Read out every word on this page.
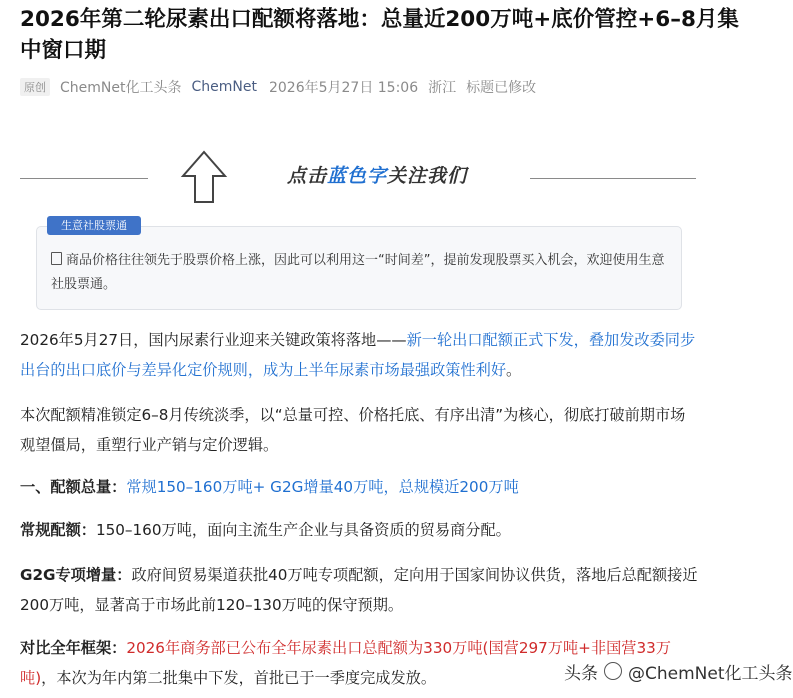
2026年第二轮尿素出口配额将落地：总量近200万吨+底价管控+6–8月集中窗口期
原创 ChemNet化工头条 ChemNet 2026年5月27日 15:06 浙江 标题已修改
点击蓝色字关注我们
商品价格往往领先于股票价格上涨，因此可以利用这一“时间差”，提前发现股票买入机会，欢迎使用生意社股票通。
生意社股票通
2026年5月27日，国内尿素行业迎来关键政策将落地——新一轮出口配额正式下发，叠加发改委同步出台的出口底价与差异化定价规则，成为上半年尿素市场最强政策性利好。
本次配额精准锁定6–8月传统淡季，以“总量可控、价格托底、有序出清”为核心，彻底打破前期市场观望僵局，重塑行业产销与定价逻辑。
一、配额总量：常规150–160万吨+ G2G增量40万吨，总规模近200万吨
常规配额：150–160万吨，面向主流生产企业与具备资质的贸易商分配。
G2G专项增量：政府间贸易渠道获批40万吨专项配额，定向用于国家间协议供货，落地后总配额接近200万吨，显著高于市场此前120–130万吨的保守预期。
对比全年框架：2026年商务部已公布全年尿素出口总配额为330万吨(国营297万吨+非国营33万吨)，本次为年内第二批集中下发，首批已于一季度完成发放。	头条 @ChemNet化工头条
